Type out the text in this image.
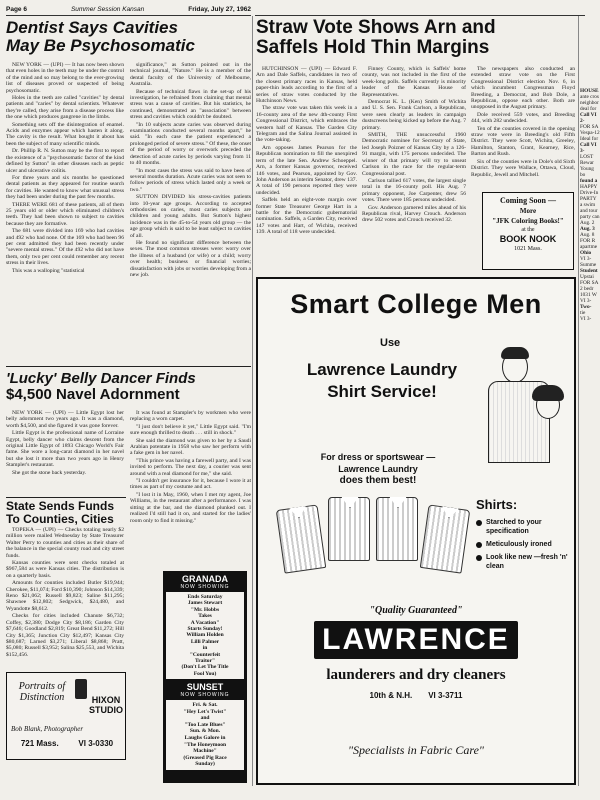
Page 6	Summer Session Kansan	Friday, July 27, 1962
Dentist Says Cavities
May Be Psychosomatic

NEW YORK — (UPI) — It has now been shown that even holes in the teeth may be under the control of the mind and so may belong to the ever-growing list of diseases proved or suspected of being psychosomatic.

Holes in the teeth are called "cavities" by dental patients and "caries" by dental scientists. Whatever they're called, they arise from a disease process like the one which produces gangrene in the limbs.

Something sets off the disintegration of enamel. Acids and enzymes appear which hasten it along. The cavity is the result. What bought it about has been the subject of many scientific minds.

Dr. Phillip R. N. Sutton may be the first to report the existence of a "psychosomatic factor of the kind defined by Sutton" in other diseases such as peptic ulcer and ulcerative colitis.

For three years and six months he questioned dental patients as they appeared for routine search for cavities. He wanted to know what unusual stress they had been under during the past few months.

THERE WERE 681 of these patients, all of them 25 years old or older which eliminated children's teeth. They had been shown to subject to cavities because they are formative.

The 681 were divided into 169 who had cavities and 492 who had none. Of the 169 who had been 96 per cent admitted they had been recently under "severe mental stress." Of the 492 who did not have them, only two per cent could remember any recent stress in their lives.

This was a walloping "statistical

significance," as Sutton pointed out in the technical journal, "Nature." He is a member of the dental faculty of the University of Melbourne, Australia.

Because of technical flaws in the set-up of his investigation, he refrained from claiming that mental stress was a cause of cavities. But his statistics, he continued, demonstrated an "association" between stress and cavities which couldn't be doubted.

"In 10 subjects acute caries was observed during examinations conducted several months apart," he said. "In each case the patient experienced a prolonged period of severe stress." Of these, the onset of the period of worry or overwork preceded the detection of acute caries by periods varying from 11 to 40 months.

"In most cases the stress was said to have been of several months duration. Acute caries was not seen to follow periods of stress which lasted only a week or two."

SUTTON DIVIDED his stress-cavities patients into 10-year age groups. According to accepted orthodoxies on caries, most caries subjects are children and young adults. But Sutton's highest incidence was in the 45-to-54 years old group — the age group which is said to be least subject to cavities of all.

He found no significant difference between the sexes. The most common stresses were: worry over the illness of a husband (or wife) or a child; worry over health; business or financial worries; dissatisfaction with jobs or worries developing from a new job.

'Lucky' Belly Dancer Finds
$4,500 Navel Adornment

NEW YORK — (UPI) — Little Egypt lost her belly adornment two years ago. It was a diamond, worth $4,500, and she figured it was gone forever.

Little Egypt is the professional name of Lorraine Egypt, belly dancer who claims descent from the original Little Egypt of 1893 Chicago World's Fair fame. She wore a long-carat diamond in her navel but she lost it more than two years ago in Henry Stampler's restaurant.

She got the stone back yesterday.

It was found at Stampler's by workmen who were replacing a worn carpet.

"I just don't believe it yet," Little Egypt said. "I'm sure enough thrilled to death . . . still in shock."

She said the diamond was given to her by a Saudi Arabian potentate in 1958 who saw her perform with a fake gem in her navel.

"This prince was having a farewell party, and I was invited to perform. The next day, a courier was sent around with a real diamond for me," she said.

"I couldn't get insurance for it, because I wore it at times as part of my costume and act.

"I lost it in May, 1960, when I met my agent, Joe Williams, in the restaurant after a performance. I was sitting at the bar, and the diamond plunked out. I realized I'd still had it on, and started for the ladies' room only to find it missing."

State Sends Funds
To Counties, Cities

TOPEKA — (UPI) — Checks totaling nearly $2 million were mailed Wednesday by State Treasurer Walter Perry to counties and cities as their share of the balance in the special county road and city street funds.

Kansas counties were sent checks totaled at $967,584 as were Kansas cities. The distribution is on a quarterly basis.

Amounts for counties included Butler $19,944; Cherokee, $11,074; Ford $10,390; Johnson $14,339; Reno $21,062; Russell $9,823; Saline $11,295; Shawnee $12,802; Sedgwick, $24,480, and Wyandotte $8,612.

Checks for cities included Chanute $6,732; Coffey, $2,380; Dodge City $8,186; Garden City $7,646; Goodland $2,819; Great Bend $11,272; Hill City $1,365; Junction City $12,497; Kansas City $80,687; Larned $3,271; Liberal $8,868; Pratt, $5,080; Russell $3,952; Salina $25,553, and Wichita $152,456.

Portraits of
Distinction	HIXON
STUDIO
Bob Blank, Photographer
721 Mass. VI 3-0330
GRANADA
NOW SHOWING
Ends Saturday
James Stewart
"Mr. Hobbs
Takes
A Vacation"
Starts Sunday!
William Holden
Lilli Palmer
in
"Counterfeit
Traitor"
(Don't Let The Title
Fool You)
SUNSET
NOW SHOWING
Fri. & Sat.
"Hey Let's Twist"
and
"Too Late Blues"
Sun. & Mon.
Laughs Galore in
"The Honeymoon
Machine"
(Greased Pig Race
Sunday)
Straw Vote Shows Arn and
Saffels Hold Thin Margins

HUTCHINSON — (UPI) — Edward F. Arn and Dale Saffels, candidates in two of the closest primary races in Kansas, held paper-thin leads according to the first of a series of straw votes conducted by the Hutchinson News.

The straw vote was taken this week in a 16-county area of the new 4th-county First Congressional District, which embraces the western half of Kansas. The Garden City Telegram and the Salina Journal assisted in the vote-taking.

Arn opposes James Pearson for the Republican nomination to fill the unexpired term of the late Sen. Andrew Schoeppel. Arn, a former Kansas governor, received 146 votes, and Pearson, appointed by Gov. John Anderson as interim Senator, drew 137. A total of 190 persons reported they were undecided.

Saffels held an eight-vote margin over former State Treasurer George Hart in a battle for the Democratic gubernatorial nomination. Saffels, a Garden City, received 147 votes and Hart, of Wichita, received 139. A total of 118 were undecided.

Finney County, which is Saffels' home county, was not included in the first of the week-long polls. Saffels currently is minority leader of the Kansas House of Representatives.

Democrat K. L. (Ken) Smith of Wichita and U. S. Sen. Frank Carlson, a Republican, were seen clearly as leaders in campaign dustscreens being kicked up before the Aug. 7 primary.

SMITH, THE unsuccessful 1960 Democratic nominee for Secretary of State, led Joseph Poizner of Kansas City by a 126-91 margin, with 175 persons undecided. The winner of that primary will try to unseat Carlson in the race for the regular-term Congressional post.

Carlson tallied 617 votes, the largest single total in the 16-county poll. His Aug. 7 primary opponent, Joe Carpenter, drew 56 votes. There were 185 persons undecided.

Gov. Anderson garnered miles ahead of his Republican rival, Harvey Crouch. Anderson drew 502 votes and Crouch received 32.

The newspapers also conducted an extended straw vote on the First Congressional District election Nov. 6, in which incumbent Congressman Floyd Breeding, a Democrat, and Bob Dole, a Republican, oppose each other. Both are unopposed in the August primary.

Dole received 559 votes, and Breeding 444, with 282 undecided.

Ten of the counties covered in the opening straw vote were in Breeding's old Fifth District. They were Scott, Wichita, Greeley, Hamilton, Stanton, Grant, Kearney, Rice, Barton and Rush.

Six of the counties were in Dole's old Sixth District. They were Wallace, Ottawa, Cloud, Republic, Jewell and Mitchell.

Coming Soon —
More
"JFK Coloring Books!"
at the
BOOK NOOK
1021 Mass.
Smart College Men
Use
Lawrence Laundry
Shirt Service!
For dress or sportswear —
Lawrence Laundry
does them best!
Shirts:
Starched to your specification
Meticulously ironed
Look like new —fresh 'n' clean
"Quality Guaranteed"
LAWRENCE
launderers and dry cleaners
10th & N.H. VI 3-3711
"Specialists in Fabric Care"
HOUSE
ante cros
neighbor
deal for
Call VI 2-
FOR SA
Vespa-12
Ideal for
Call VI 3-
LOST
Rewar
Young bo
found a
HAPPY
Drive-In
PARTY
a swim
and tour
party can
Aug. 2
Aug. 3
Aug. 8
FOR R
apartme
Ohio
VI 3-
Summe
Student
Upstai
FOR SA
2 bedr
1031 W
VI 3-
Two-
tie
VI 3-
